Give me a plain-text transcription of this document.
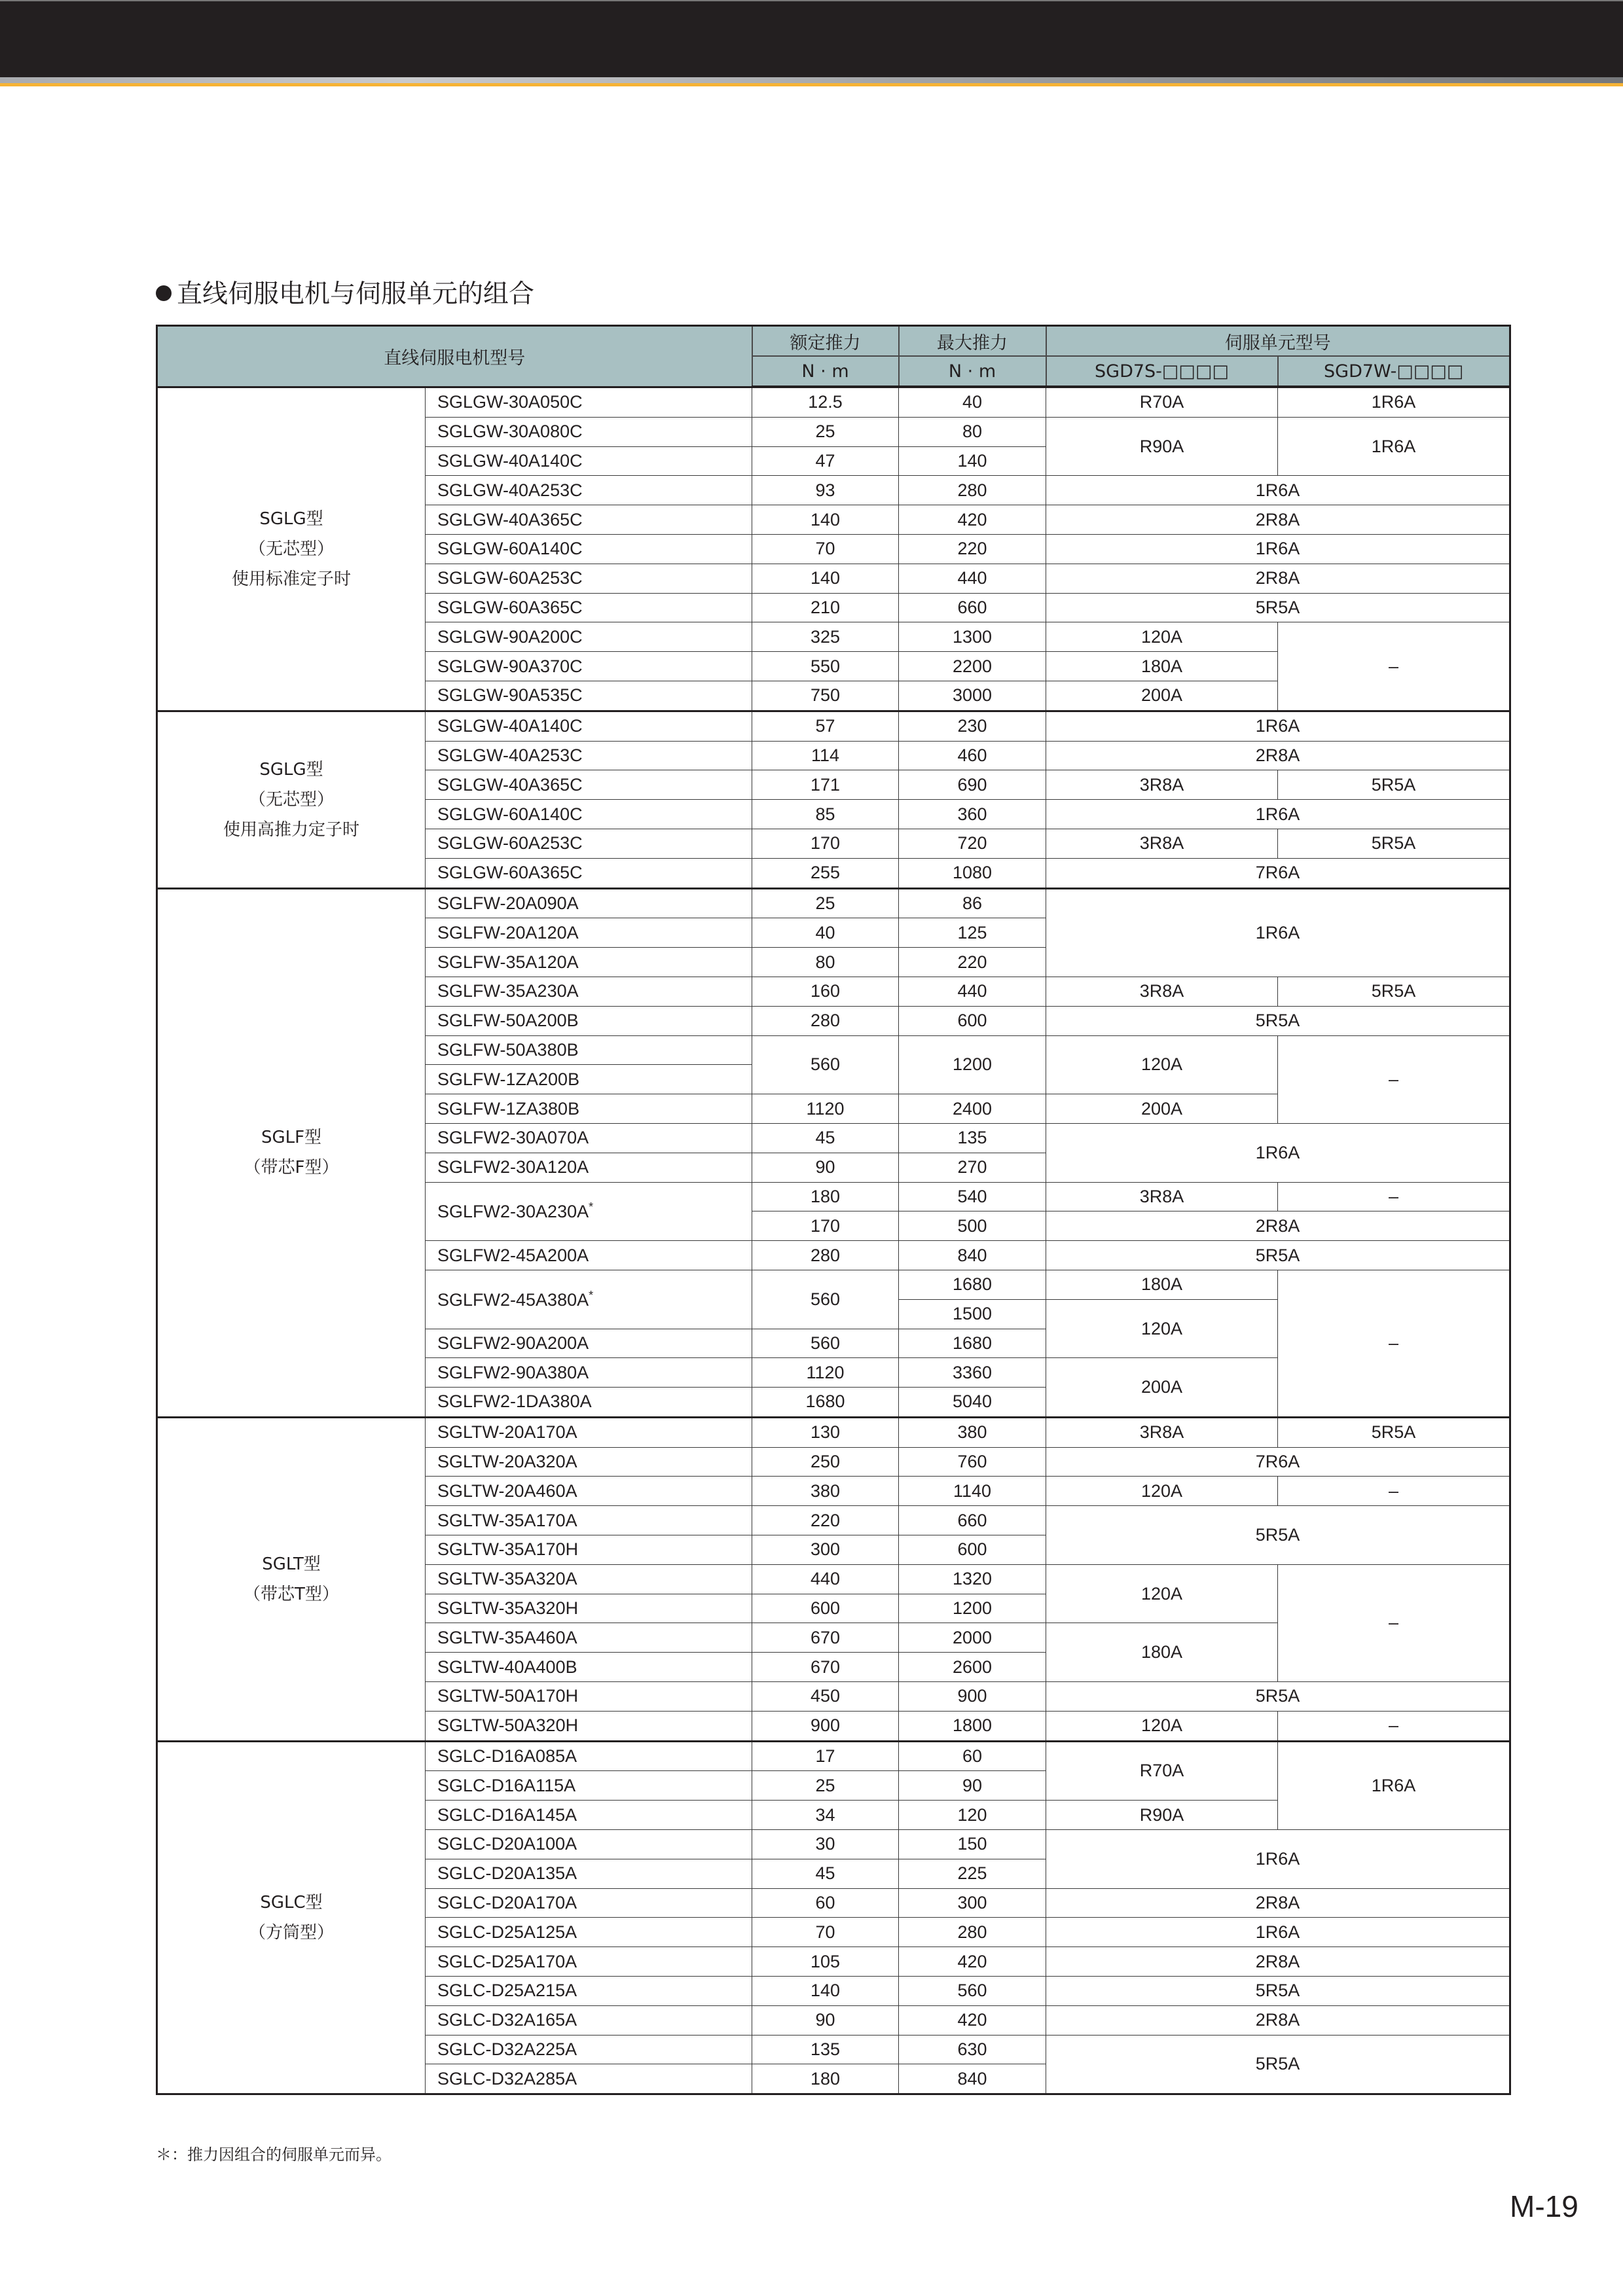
直线伺服电机与伺服单元的组合
直线伺服电机型号		额定推力	最大推力	伺服单元型号	
		N · m	N · m	SGD7S-□□□□	SGD7W-□□□□

SGLG型
（无芯型）
使用标准定子时	SGLGW-30A050C	12.5	40	R70A	1R6A
	SGLGW-30A080C	25	80	R90A	1R6A
	SGLGW-40A140C	47	140		
	SGLGW-40A253C	93	280	1R6A	
	SGLGW-40A365C	140	420	2R8A	
	SGLGW-60A140C	70	220	1R6A	
	SGLGW-60A253C	140	440	2R8A	
	SGLGW-60A365C	210	660	5R5A	
	SGLGW-90A200C	325	1300	120A	–
	SGLGW-90A370C	550	2200	180A	
	SGLGW-90A535C	750	3000	200A	

SGLG型
（无芯型）
使用高推力定子时	SGLGW-40A140C	57	230	1R6A	
	SGLGW-40A253C	114	460	2R8A	
	SGLGW-40A365C	171	690	3R8A	5R5A
	SGLGW-60A140C	85	360	1R6A	
	SGLGW-60A253C	170	720	3R8A	5R5A
	SGLGW-60A365C	255	1080	7R6A	

SGLF型
（带芯F型）	SGLFW-20A090A	25	86	1R6A	
	SGLFW-20A120A	40	125		
	SGLFW-35A120A	80	220		
	SGLFW-35A230A	160	440	3R8A	5R5A
	SGLFW-50A200B	280	600	5R5A	
	SGLFW-50A380B	560	1200	120A	–
	SGLFW-1ZA200B				
	SGLFW-1ZA380B	1120	2400	200A	
	SGLFW2-30A070A	45	135	1R6A	
	SGLFW2-30A120A	90	270		
	SGLFW2-30A230A*	180	540	3R8A	–
		170	500	2R8A	
	SGLFW2-45A200A	280	840	5R5A	
	SGLFW2-45A380A*	560	1680	180A	–
			1500	120A	
	SGLFW2-90A200A	560	1680		
	SGLFW2-90A380A	1120	3360	200A	
	SGLFW2-1DA380A	1680	5040		

SGLT型
（带芯T型）	SGLTW-20A170A	130	380	3R8A	5R5A
	SGLTW-20A320A	250	760	7R6A	
	SGLTW-20A460A	380	1140	120A	–
	SGLTW-35A170A	220	660	5R5A	
	SGLTW-35A170H	300	600		
	SGLTW-35A320A	440	1320	120A	–
	SGLTW-35A320H	600	1200		
	SGLTW-35A460A	670	2000	180A	
	SGLTW-40A400B	670	2600		
	SGLTW-50A170H	450	900	5R5A	
	SGLTW-50A320H	900	1800	120A	–

SGLC型
（方筒型）	SGLC-D16A085A	17	60	R70A	1R6A
	SGLC-D16A115A	25	90		
	SGLC-D16A145A	34	120	R90A	
	SGLC-D20A100A	30	150	1R6A	
	SGLC-D20A135A	45	225		
	SGLC-D20A170A	60	300	2R8A	
	SGLC-D25A125A	70	280	1R6A	
	SGLC-D25A170A	105	420	2R8A	
	SGLC-D25A215A	140	560	5R5A	
	SGLC-D32A165A	90	420	2R8A	
	SGLC-D32A225A	135	630	5R5A	
	SGLC-D32A285A	180	840		
＊：推力因组合的伺服单元而异。
M-19
